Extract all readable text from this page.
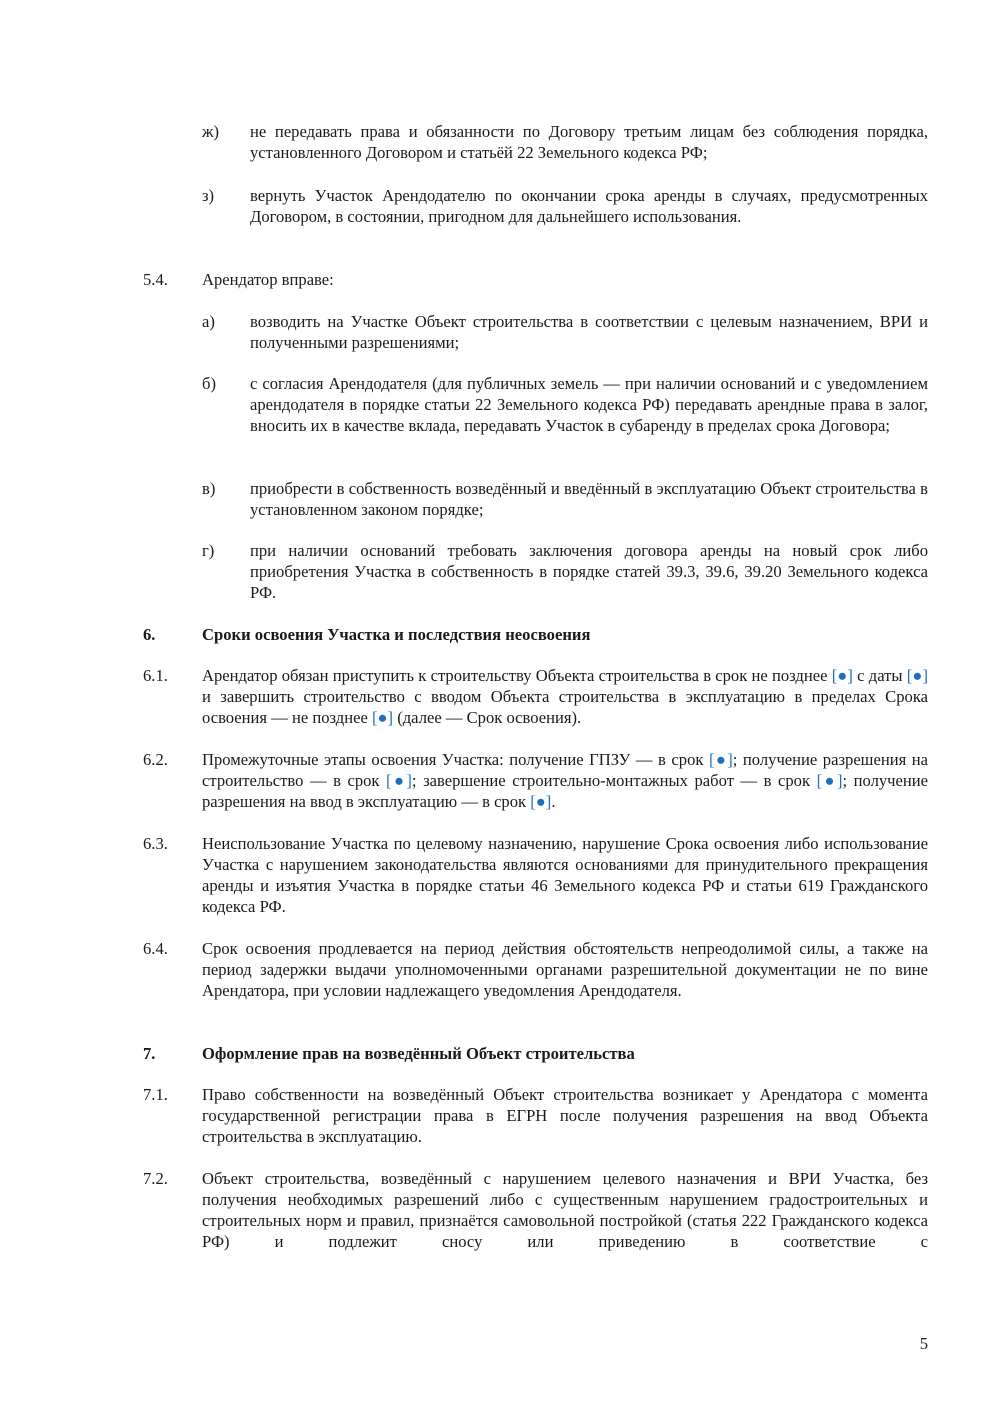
ж) не передавать права и обязанности по Договору третьим лицам без соблюдения порядка, установленного Договором и статьёй 22 Земельного кодекса РФ;
з) вернуть Участок Арендодателю по окончании срока аренды в случаях, предусмотренных Договором, в состоянии, пригодном для дальнейшего использования.
5.4. Арендатор вправе:
а) возводить на Участке Объект строительства в соответствии с целевым назначением, ВРИ и полученными разрешениями;
б) с согласия Арендодателя (для публичных земель — при наличии оснований и с уведомлением арендодателя в порядке статьи 22 Земельного кодекса РФ) передавать арендные права в залог, вносить их в качестве вклада, передавать Участок в субаренду в пределах срока Договора;
в) приобрести в собственность возведённый и введённый в эксплуатацию Объект строительства в установленном законом порядке;
г) при наличии оснований требовать заключения договора аренды на новый срок либо приобретения Участка в собственность в порядке статей 39.3, 39.6, 39.20 Земельного кодекса РФ.
6.	Сроки освоения Участка и последствия неосвоения
6.1. Арендатор обязан приступить к строительству Объекта строительства в срок не позднее [●] с даты [●] и завершить строительство с вводом Объекта строительства в эксплуатацию в пределах Срока освоения — не позднее [●] (далее — Срок освоения).
6.2. Промежуточные этапы освоения Участка: получение ГПЗУ — в срок [●]; получение разрешения на строительство — в срок [●]; завершение строительно-монтажных работ — в срок [●]; получение разрешения на ввод в эксплуатацию — в срок [●].
6.3. Неиспользование Участка по целевому назначению, нарушение Срока освоения либо использование Участка с нарушением законодательства являются основаниями для принудительного прекращения аренды и изъятия Участка в порядке статьи 46 Земельного кодекса РФ и статьи 619 Гражданского кодекса РФ.
6.4. Срок освоения продлевается на период действия обстоятельств непреодолимой силы, а также на период задержки выдачи уполномоченными органами разрешительной документации не по вине Арендатора, при условии надлежащего уведомления Арендодателя.
7.	Оформление прав на возведённый Объект строительства
7.1. Право собственности на возведённый Объект строительства возникает у Арендатора с момента государственной регистрации права в ЕГРН после получения разрешения на ввод Объекта строительства в эксплуатацию.
7.2. Объект строительства, возведённый с нарушением целевого назначения и ВРИ Участка, без получения необходимых разрешений либо с существенным нарушением градостроительных и строительных норм и правил, признаётся самовольной постройкой (статья 222 Гражданского кодекса РФ) и подлежит сносу или приведению в соответствие с
5
